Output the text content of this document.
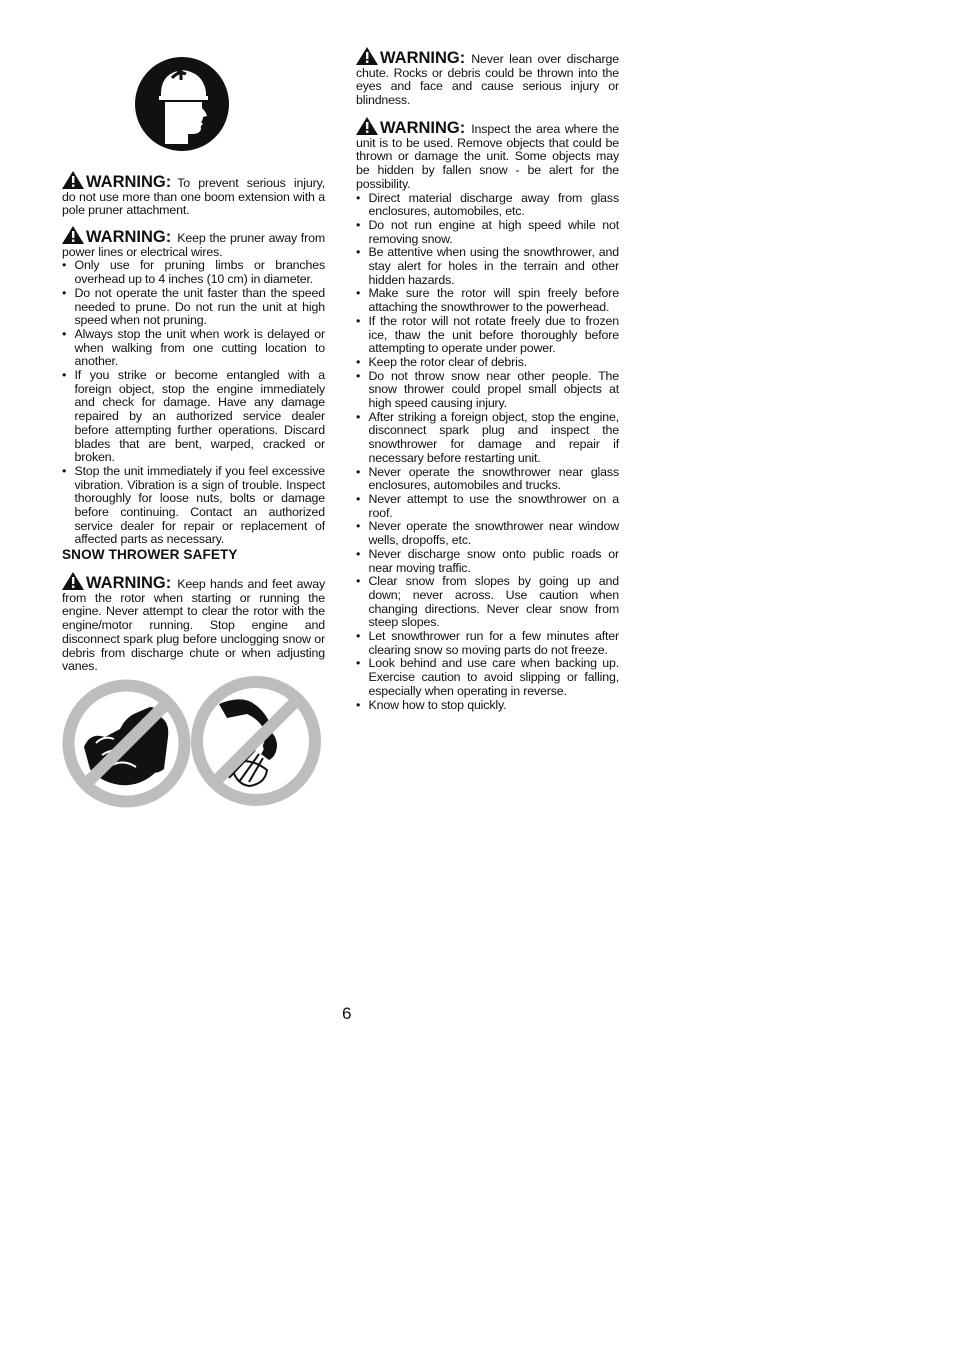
WARNING: To prevent serious injury, do not use more than one boom extension with a pole pruner attachment.

WARNING: Keep the pruner away from power lines or electrical wires.

• Only use for pruning limbs or branches overhead up to 4 inches (10 cm) in diameter.
• Do not operate the unit faster than the speed needed to prune. Do not run the unit at high speed when not pruning.
• Always stop the unit when work is delayed or when walking from one cutting location to another.
• If you strike or become entangled with a foreign object, stop the engine immediately and check for damage. Have any damage repaired by an authorized service dealer before attempting further operations. Discard blades that are bent, warped, cracked or broken.
• Stop the unit immediately if you feel excessive vibration. Vibration is a sign of trouble. Inspect thoroughly for loose nuts, bolts or damage before continuing. Contact an authorized service dealer for repair or replacement of affected parts as necessary.

SNOW THROWER SAFETY

WARNING: Keep hands and feet away from the rotor when starting or running the engine. Never attempt to clear the rotor with the engine/motor running. Stop engine and disconnect spark plug before unclogging snow or debris from discharge chute or when adjusting vanes.

WARNING: Never lean over discharge chute. Rocks or debris could be thrown into the eyes and face and cause serious injury or blindness.

WARNING: Inspect the area where the unit is to be used. Remove objects that could be thrown or damage the unit. Some objects may be hidden by fallen snow - be alert for the possibility.

• Direct material discharge away from glass enclosures, automobiles, etc.
• Do not run engine at high speed while not removing snow.
• Be attentive when using the snowthrower, and stay alert for holes in the terrain and other hidden hazards.
• Make sure the rotor will spin freely before attaching the snowthrower to the powerhead.
• If the rotor will not rotate freely due to frozen ice, thaw the unit before thoroughly before attempting to operate under power.
• Keep the rotor clear of debris.
• Do not throw snow near other people. The snow thrower could propel small objects at high speed causing injury.
• After striking a foreign object, stop the engine, disconnect spark plug and inspect the snowthrower for damage and repair if necessary before restarting unit.
• Never operate the snowthrower near glass enclosures, automobiles and trucks.
• Never attempt to use the snowthrower on a roof.
• Never operate the snowthrower near window wells, dropoffs, etc.
• Never discharge snow onto public roads or near moving traffic.
• Clear snow from slopes by going up and down; never across. Use caution when changing directions. Never clear snow from steep slopes.
• Let snowthrower run for a few minutes after clearing snow so moving parts do not freeze.
• Look behind and use care when backing up. Exercise caution to avoid slipping or falling, especially when operating in reverse.
• Know how to stop quickly.
6
